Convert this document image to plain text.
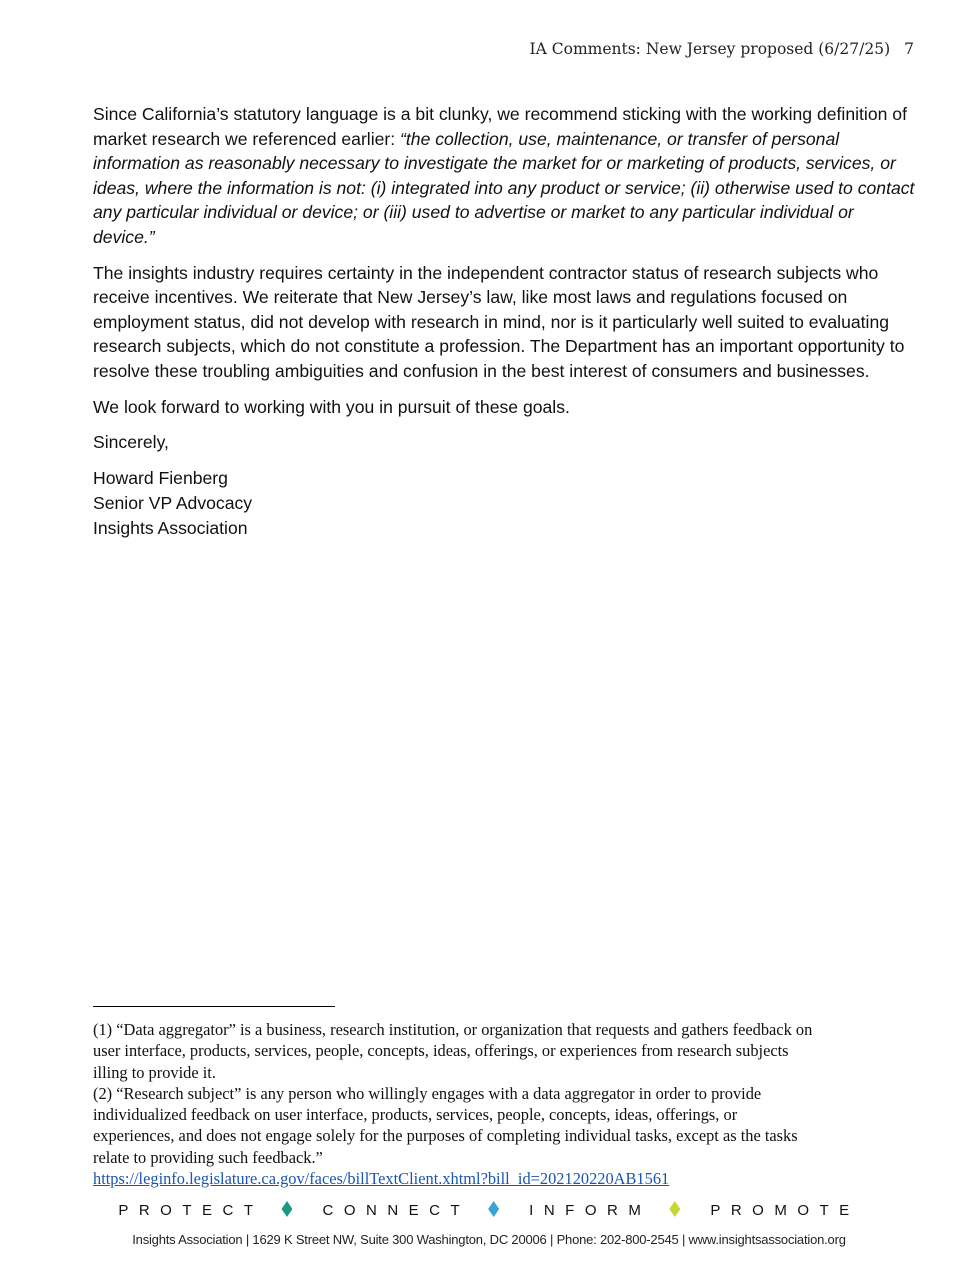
IA Comments: New Jersey proposed (6/27/25) 7

Since California’s statutory language is a bit clunky, we recommend sticking with the working definition of market research we referenced earlier: “the collection, use, maintenance, or transfer of personal information as reasonably necessary to investigate the market for or marketing of products, services, or ideas, where the information is not: (i) integrated into any product or service; (ii) otherwise used to contact any particular individual or device; or (iii) used to advertise or market to any particular individual or device.”

The insights industry requires certainty in the independent contractor status of research subjects who receive incentives. We reiterate that New Jersey’s law, like most laws and regulations focused on employment status, did not develop with research in mind, nor is it particularly well suited to evaluating research subjects, which do not constitute a profession. The Department has an important opportunity to resolve these troubling ambiguities and confusion in the best interest of consumers and businesses.

We look forward to working with you in pursuit of these goals.

Sincerely,

Howard Fienberg
Senior VP Advocacy
Insights Association
(1) “Data aggregator” is a business, research institution, or organization that requests and gathers feedback on
user interface, products, services, people, concepts, ideas, offerings, or experiences from research subjects
illing to provide it.
(2) “Research subject” is any person who willingly engages with a data aggregator in order to provide
individualized feedback on user interface, products, services, people, concepts, ideas, offerings, or
experiences, and does not engage solely for the purposes of completing individual tasks, except as the tasks
relate to providing such feedback.”
https://leginfo.legislature.ca.gov/faces/billTextClient.xhtml?bill_id=202120220AB1561
PROTECT	CONNECT	INFORM	PROMOTE
Insights Association | 1629 K Street NW, Suite 300 Washington, DC 20006 | Phone: 202-800-2545 | www.insightsassociation.org
